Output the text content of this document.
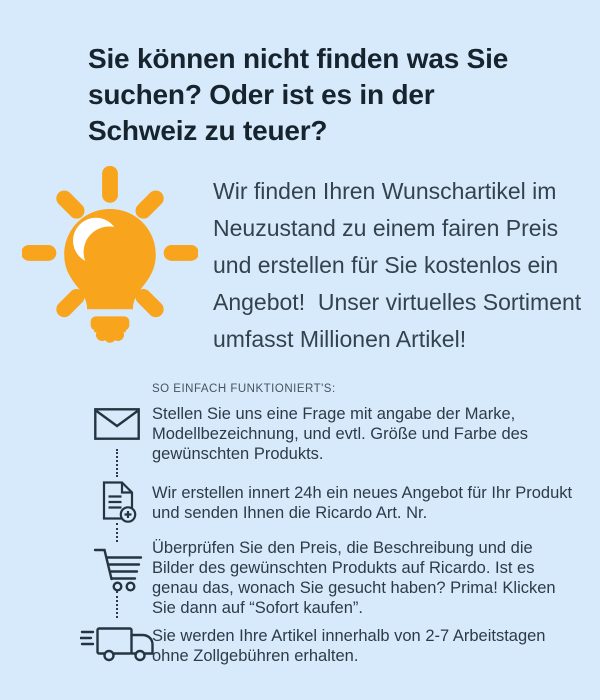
Sie können nicht finden was Sie suchen? Oder ist es in der Schweiz zu teuer?

Wir finden Ihren Wunschartikel im Neuzustand zu einem fairen Preis und erstellen für Sie kostenlos ein Angebot!  Unser virtuelles Sortiment umfasst Millionen Artikel!

SO EINFACH FUNKTIONIERT'S:
Stellen Sie uns eine Frage mit angabe der Marke, Modellbezeichnung, und evtl. Größe und Farbe des gewünschten Produkts.
Wir erstellen innert 24h ein neues Angebot für Ihr Produkt und senden Ihnen die Ricardo Art. Nr.
Überprüfen Sie den Preis, die Beschreibung und die Bilder des gewünschten Produkts auf Ricardo. Ist es genau das, wonach Sie gesucht haben? Prima! Klicken Sie dann auf “Sofort kaufen”.
Sie werden Ihre Artikel innerhalb von 2-7 Arbeitstagen ohne Zollgebühren erhalten.
